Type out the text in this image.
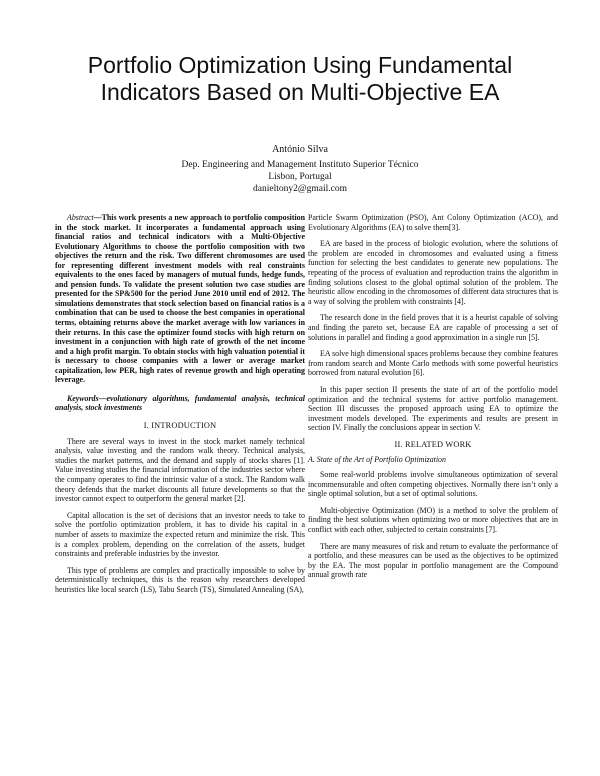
Portfolio Optimization Using Fundamental Indicators Based on Multi-Objective EA
António Silva
Dep. Engineering and Management Instituto Superior Técnico
Lisbon, Portugal
danieltony2@gmail.com

Abstract—This work presents a new approach to portfolio composition in the stock market. It incorporates a fundamental approach using financial ratios and technical indicators with a Multi-Objective Evolutionary Algorithms to choose the portfolio composition with two objectives the return and the risk. Two different chromosomes are used for representing different investment models with real constraints equivalents to the ones faced by managers of mutual funds, hedge funds, and pension funds. To validate the present solution two case studies are presented for the SP&500 for the period June 2010 until end of 2012. The simulations demonstrates that stock selection based on financial ratios is a combination that can be used to choose the best companies in operational terms, obtaining returns above the market average with low variances in their returns. In this case the optimizer found stocks with high return on investment in a conjunction with high rate of growth of the net income and a high profit margin. To obtain stocks with high valuation potential it is necessary to choose companies with a lower or average market capitalization, low PER, high rates of revenue growth and high operating leverage.

Keywords—evolutionary algorithms, fundamental analysis, technical analysis, stock investments

I. INTRODUCTION

There are several ways to invest in the stock market namely technical analysis, value investing and the random walk theory. Technical analysis, studies the market patterns, and the demand and supply of stocks shares [1]. Value investing studies the financial information of the industries sector where the company operates to find the intrinsic value of a stock. The Random walk theory defends that the market discounts all future developments so that the investor cannot expect to outperform the general market [2].

Capital allocation is the set of decisions that an investor needs to take to solve the portfolio optimization problem, it has to divide his capital in a number of assets to maximize the expected return and minimize the risk. This is a complex problem, depending on the correlation of the assets, budget constraints and preferable industries by the investor.

This type of problems are complex and practically impossible to solve by deterministically techniques, this is the reason why researchers developed heuristics like local search (LS), Tabu Search (TS), Simulated Annealing (SA),

Particle Swarm Optimization (PSO), Ant Colony Optimization (ACO), and Evolutionary Algorithms (EA) to solve them[3].

EA are based in the process of biologic evolution, where the solutions of the problem are encoded in chromosomes and evaluated using a fitness function for selecting the best candidates to generate new populations. The repeating of the process of evaluation and reproduction trains the algorithm in finding solutions closest to the global optimal solution of the problem. The heuristic allow encoding in the chromosomes of different data structures that is a way of solving the problem with constraints [4].

The research done in the field proves that it is a heurist capable of solving and finding the pareto set, because EA are capable of processing a set of solutions in parallel and finding a good approximation in a single run [5].

EA solve high dimensional spaces problems because they combine features from random search and Monte Carlo methods with some powerful heuristics borrowed from natural evolution [6].

In this paper section II presents the state of art of the portfolio model optimization and the technical systems for active portfolio management. Section III discusses the proposed approach using EA to optimize the investment models developed. The experiments and results are present in section IV. Finally the conclusions appear in section V.

II. RELATED WORK
A. State of the Art of Portfolio Optimization

Some real-world problems involve simultaneous optimization of several incommensurable and often competing objectives. Normally there isn’t only a single optimal solution, but a set of optimal solutions.

Multi-objective Optimization (MO) is a method to solve the problem of finding the best solutions when optimizing two or more objectives that are in conflict with each other, subjected to certain constraints [7].

There are many measures of risk and return to evaluate the performance of a portfolio, and these measures can be used as the objectives to be optimized by the EA. The most popular in portfolio management are the Compound annual growth rate
